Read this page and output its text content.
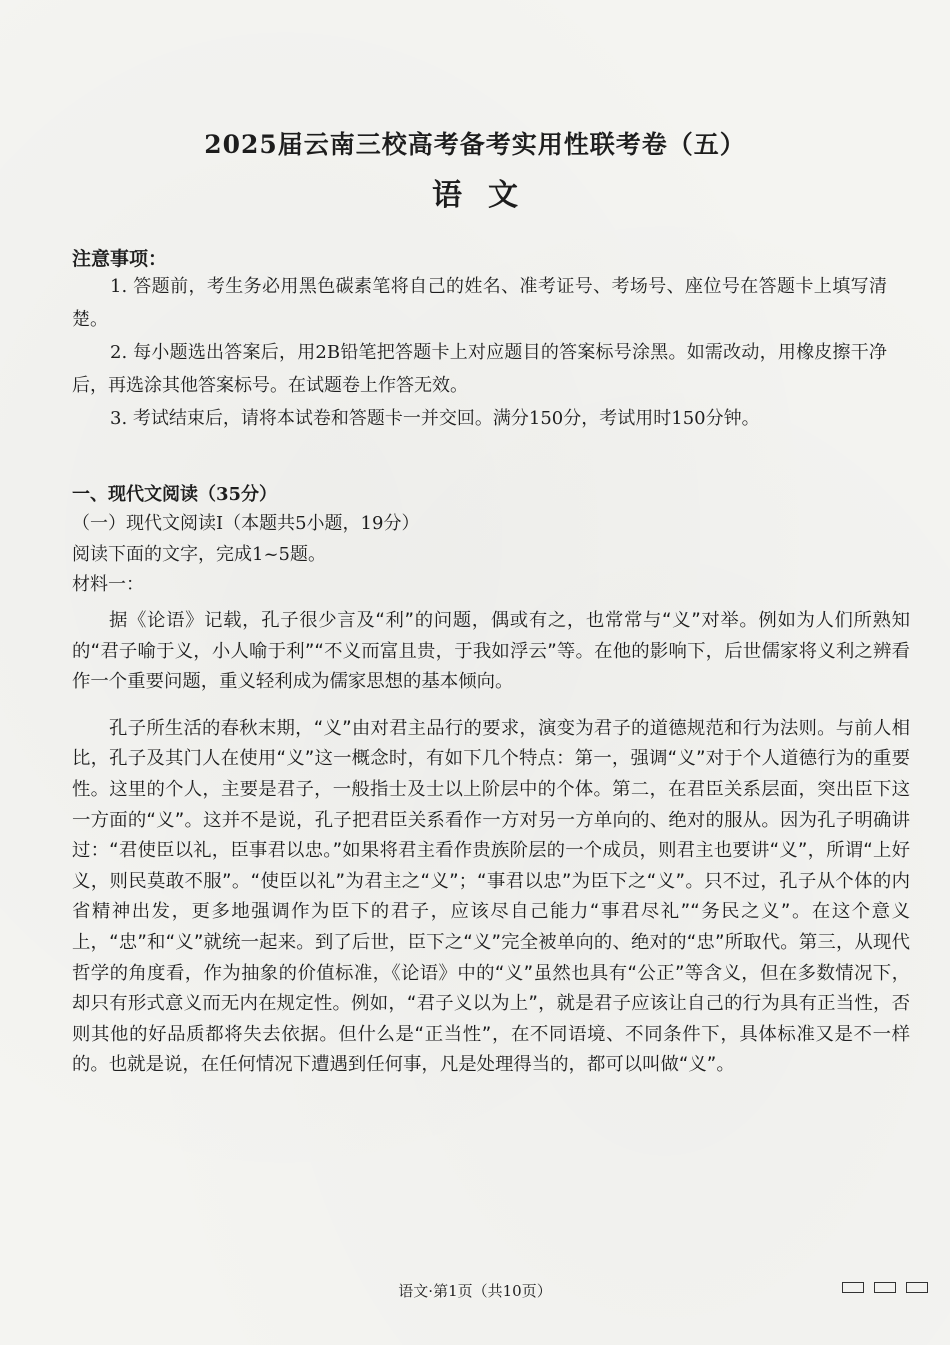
2025届云南三校高考备考实用性联考卷（五）
语文
注意事项：

1. 答题前，考生务必用黑色碳素笔将自己的姓名、准考证号、考场号、座位号在答题卡上填写清楚。

2. 每小题选出答案后，用2B铅笔把答题卡上对应题目的答案标号涂黑。如需改动，用橡皮擦干净后，再选涂其他答案标号。在试题卷上作答无效。

3. 考试结束后，请将本试卷和答题卡一并交回。满分150分，考试用时150分钟。

一、现代文阅读（35分）
（一）现代文阅读Ⅰ（本题共5小题，19分）
阅读下面的文字，完成1~5题。
材料一：

据《论语》记载，孔子很少言及“利”的问题，偶或有之，也常常与“义”对举。例如为人们所熟知的“君子喻于义，小人喻于利”“不义而富且贵，于我如浮云”等。在他的影响下，后世儒家将义利之辨看作一个重要问题，重义轻利成为儒家思想的基本倾向。

孔子所生活的春秋末期，“义”由对君主品行的要求，演变为君子的道德规范和行为法则。与前人相比，孔子及其门人在使用“义”这一概念时，有如下几个特点：第一，强调“义”对于个人道德行为的重要性。这里的个人，主要是君子，一般指士及士以上阶层中的个体。第二，在君臣关系层面，突出臣下这一方面的“义”。这并不是说，孔子把君臣关系看作一方对另一方单向的、绝对的服从。因为孔子明确讲过：“君使臣以礼，臣事君以忠。”如果将君主看作贵族阶层的一个成员，则君主也要讲“义”，所谓“上好义，则民莫敢不服”。“使臣以礼”为君主之“义”；“事君以忠”为臣下之“义”。只不过，孔子从个体的内省精神出发，更多地强调作为臣下的君子，应该尽自己能力“事君尽礼”“务民之义”。在这个意义上，“忠”和“义”就统一起来。到了后世，臣下之“义”完全被单向的、绝对的“忠”所取代。第三，从现代哲学的角度看，作为抽象的价值标准，《论语》中的“义”虽然也具有“公正”等含义，但在多数情况下，却只有形式意义而无内在规定性。例如，“君子义以为上”，就是君子应该让自己的行为具有正当性，否则其他的好品质都将失去依据。但什么是“正当性”，在不同语境、不同条件下，具体标准又是不一样的。也就是说，在任何情况下遭遇到任何事，凡是处理得当的，都可以叫做“义”。

语文·第1页（共10页）
